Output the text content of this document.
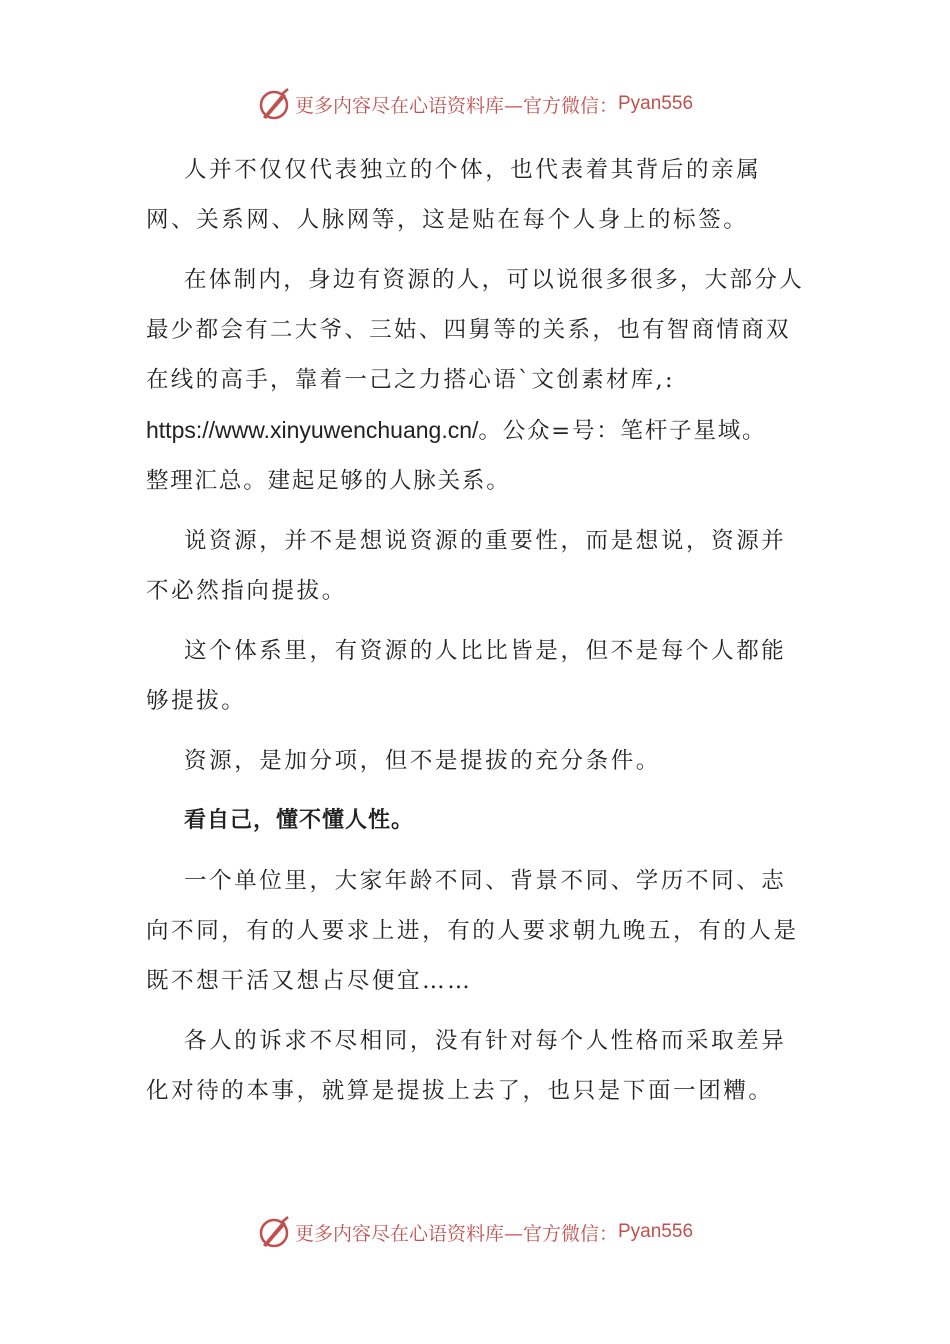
更多内容尽在心语资料库—官方微信： Pyan556

人并不仅仅代表独立的个体，也代表着其背后的亲属网、关系网、人脉网等，这是贴在每个人身上的标签。

在体制内，身边有资源的人，可以说很多很多，大部分人最少都会有二大爷、三姑、四舅等的关系，也有智商情商双在线的高手，靠着一己之力搭心语`文创素材库,:
https://www.xinyuwenchuang.cn/。公众=号：笔杆子星域。
整理汇总。建起足够的人脉关系。

说资源，并不是想说资源的重要性，而是想说，资源并不必然指向提拔。

这个体系里，有资源的人比比皆是，但不是每个人都能够提拔。

资源，是加分项，但不是提拔的充分条件。

看自己，懂不懂人性。

一个单位里，大家年龄不同、背景不同、学历不同、志向不同，有的人要求上进，有的人要求朝九晚五，有的人是既不想干活又想占尽便宜……

各人的诉求不尽相同，没有针对每个人性格而采取差异化对待的本事，就算是提拔上去了，也只是下面一团糟。

更多内容尽在心语资料库—官方微信： Pyan556
